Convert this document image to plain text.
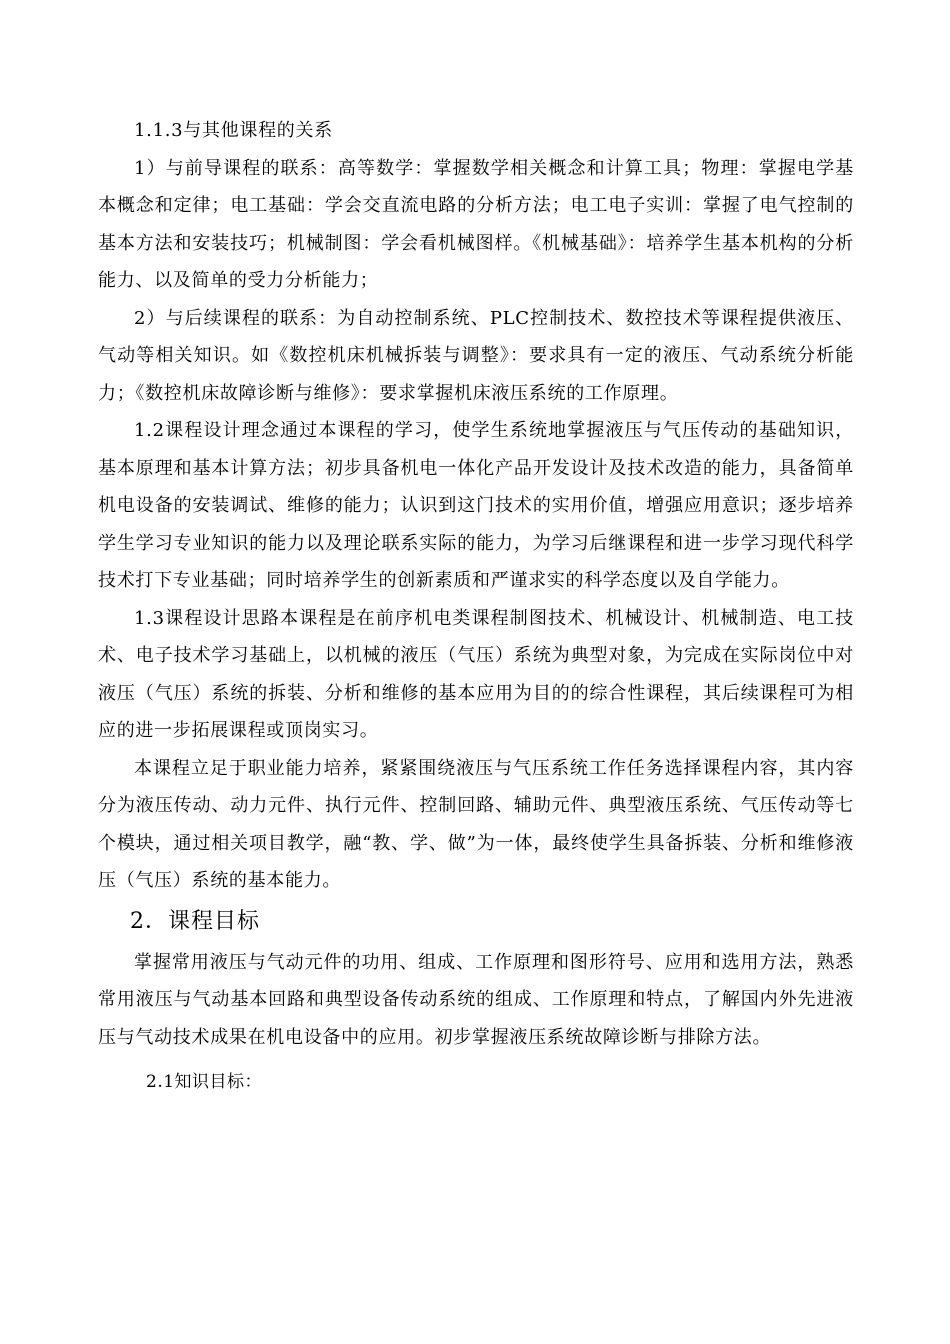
1.1.3与其他课程的关系

1）与前导课程的联系：高等数学：掌握数学相关概念和计算工具；物理：掌握电学基本概念和定律；电工基础：学会交直流电路的分析方法；电工电子实训：掌握了电气控制的基本方法和安装技巧；机械制图：学会看机械图样。《机械基础》：培养学生基本机构的分析能力、以及简单的受力分析能力；

2）与后续课程的联系：为自动控制系统、PLC控制技术、数控技术等课程提供液压、气动等相关知识。如《数控机床机械拆装与调整》：要求具有一定的液压、气动系统分析能力；《数控机床故障诊断与维修》：要求掌握机床液压系统的工作原理。

1.2课程设计理念通过本课程的学习，使学生系统地掌握液压与气压传动的基础知识，基本原理和基本计算方法；初步具备机电一体化产品开发设计及技术改造的能力，具备简单机电设备的安装调试、维修的能力；认识到这门技术的实用价值，增强应用意识；逐步培养学生学习专业知识的能力以及理论联系实际的能力，为学习后继课程和进一步学习现代科学技术打下专业基础；同时培养学生的创新素质和严谨求实的科学态度以及自学能力。

1.3课程设计思路本课程是在前序机电类课程制图技术、机械设计、机械制造、电工技术、电子技术学习基础上，以机械的液压（气压）系统为典型对象，为完成在实际岗位中对液压（气压）系统的拆装、分析和维修的基本应用为目的的综合性课程，其后续课程可为相应的进一步拓展课程或顶岗实习。

本课程立足于职业能力培养，紧紧围绕液压与气压系统工作任务选择课程内容，其内容分为液压传动、动力元件、执行元件、控制回路、辅助元件、典型液压系统、气压传动等七个模块，通过相关项目教学，融“教、学、做”为一体，最终使学生具备拆装、分析和维修液压（气压）系统的基本能力。

2．课程目标

掌握常用液压与气动元件的功用、组成、工作原理和图形符号、应用和选用方法，熟悉常用液压与气动基本回路和典型设备传动系统的组成、工作原理和特点，了解国内外先进液压与气动技术成果在机电设备中的应用。初步掌握液压系统故障诊断与排除方法。

2.1知识目标：
